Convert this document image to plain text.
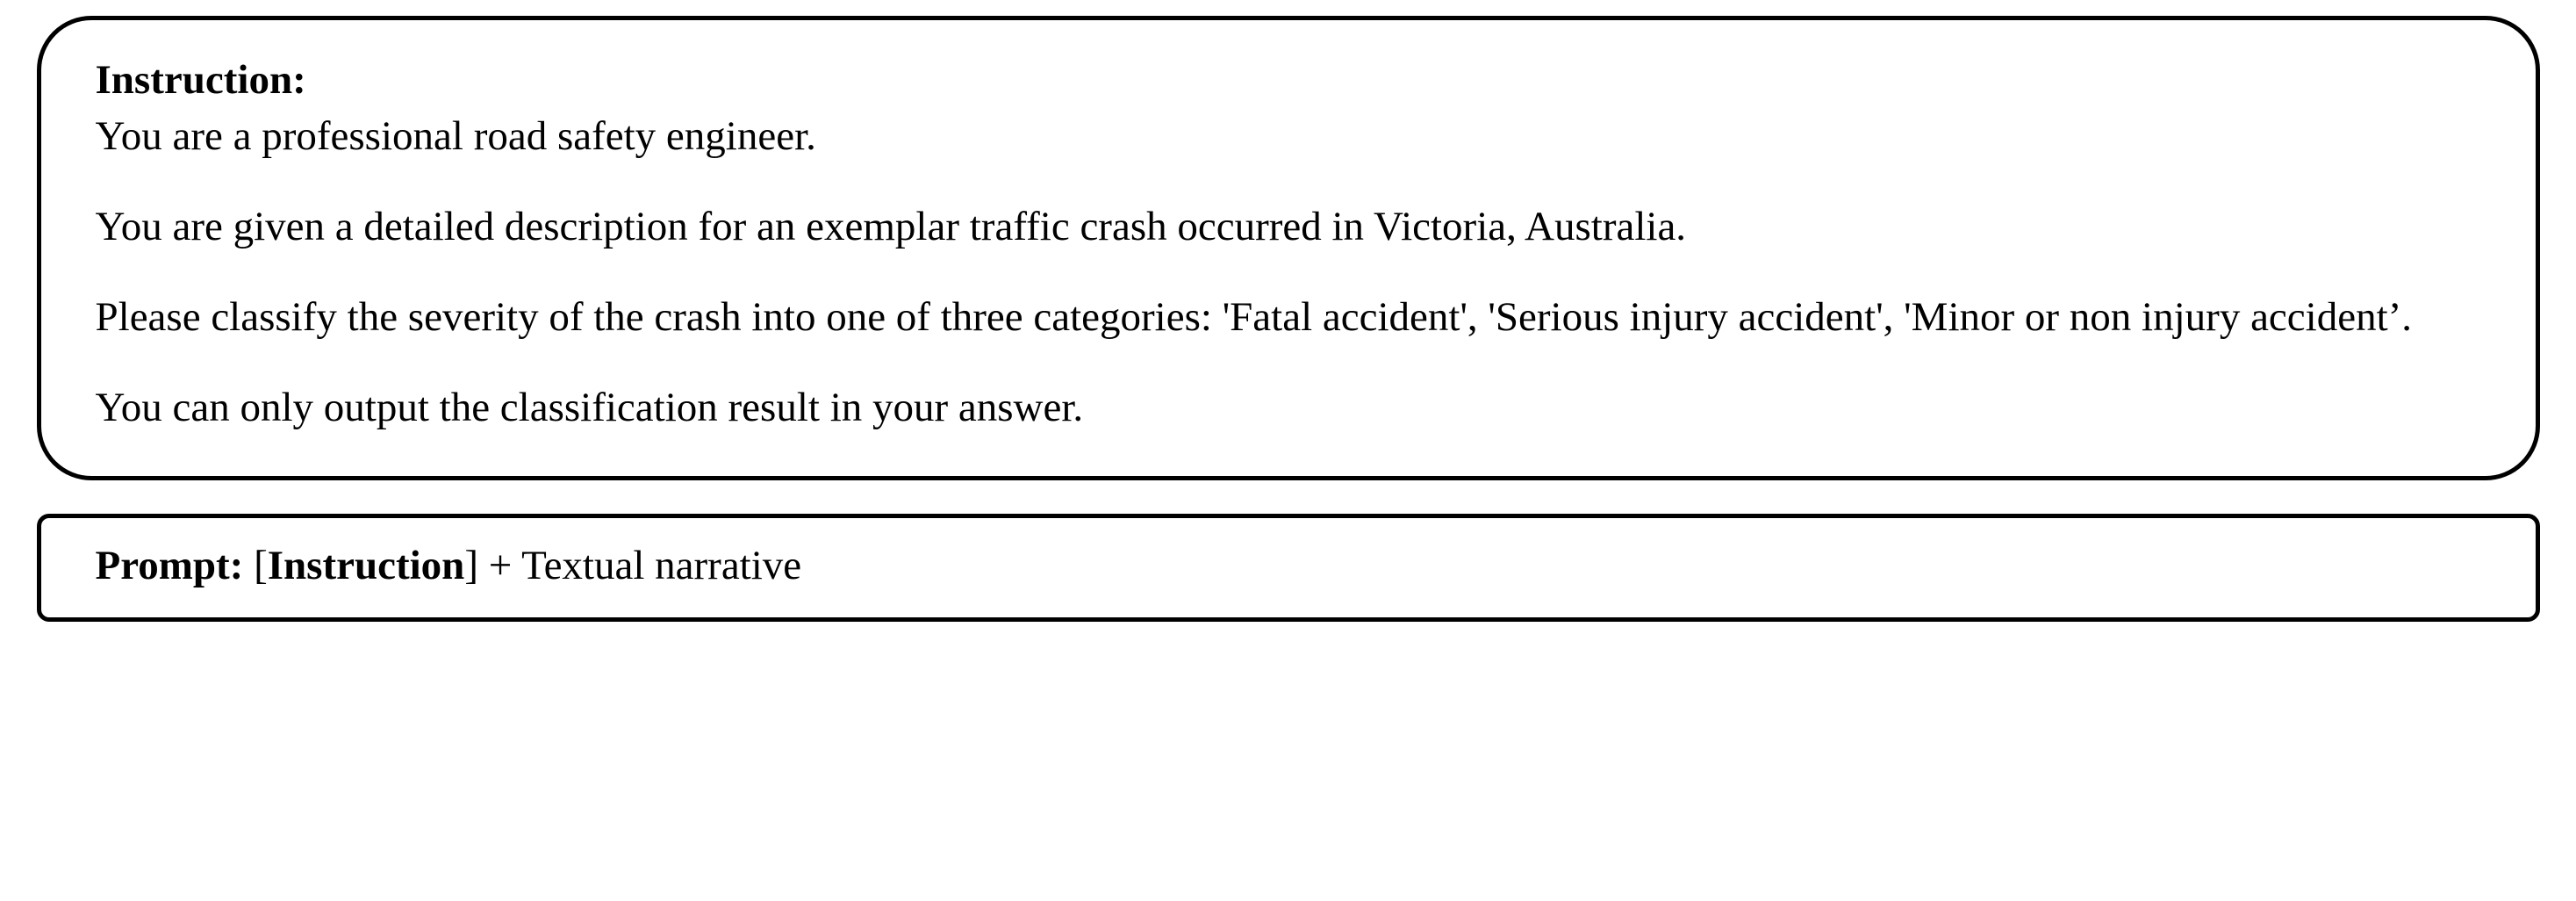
Instruction:

You are a professional road safety engineer.

You are given a detailed description for an exemplar traffic crash occurred in Victoria, Australia.

Please classify the severity of the crash into one of three categories: 'Fatal accident', 'Serious injury accident', 'Minor or non injury accident’.

You can only output the classification result in your answer.

Prompt: [Instruction] + Textual narrative
